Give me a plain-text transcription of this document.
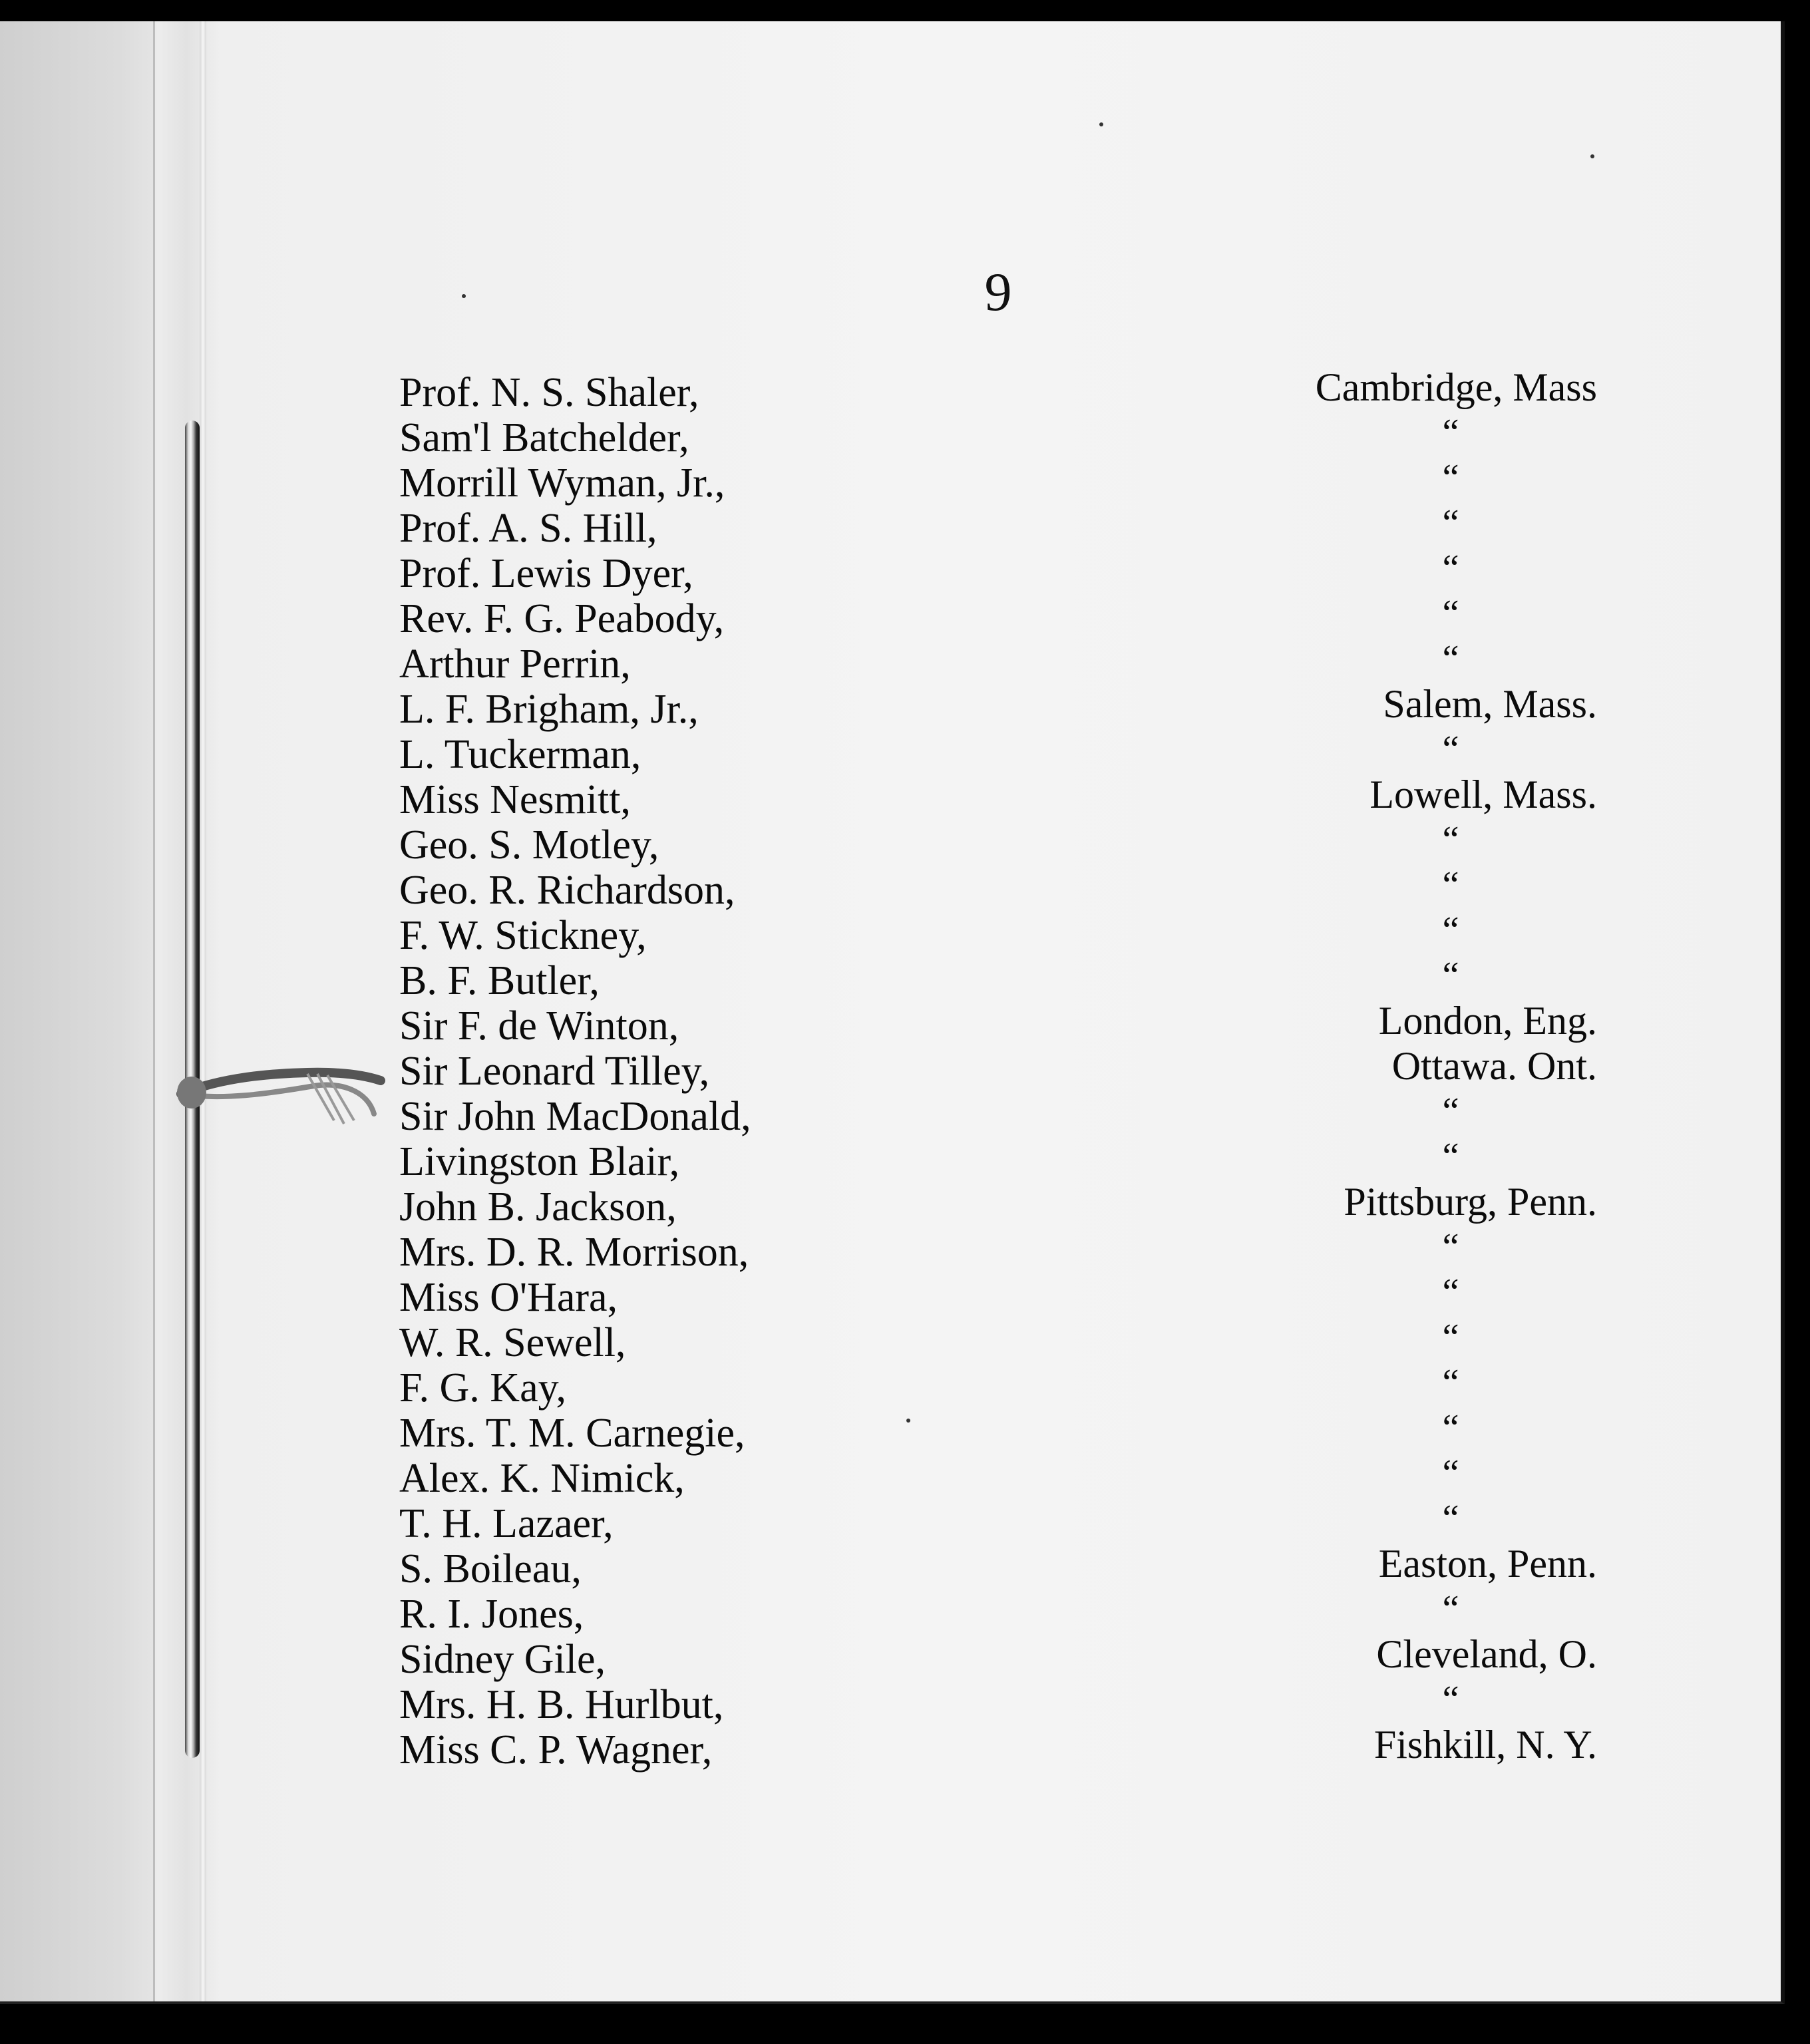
9
Prof. N. S. Shaler,
Sam'l Batchelder,
Morrill Wyman, Jr.,
Prof. A. S. Hill,
Prof. Lewis Dyer,
Rev. F. G. Peabody,
Arthur Perrin,
L. F. Brigham, Jr.,
L. Tuckerman,
Miss Nesmitt,
Geo. S. Motley,
Geo. R. Richardson,
F. W. Stickney,
B. F. Butler,
Sir F. de Winton,
Sir Leonard Tilley,
Sir John MacDonald,
Livingston Blair,
John B. Jackson,
Mrs. D. R. Morrison,
Miss O'Hara,
W. R. Sewell,
F. G. Kay,
Mrs. T. M. Carnegie,
Alex. K. Nimick,
T. H. Lazaer,
S. Boileau,
R. I. Jones,
Sidney Gile,
Mrs. H. B. Hurlbut,
Miss C. P. Wagner,
Cambridge, Mass
“
“
“
“
“
“
Salem, Mass.
“
Lowell, Mass.
“
“
“
“
London, Eng.
Ottawa. Ont.
“
“
Pittsburg, Penn.
“
“
“
“
“
“
“
Easton, Penn.
“
Cleveland, O.
“
Fishkill, N. Y.
